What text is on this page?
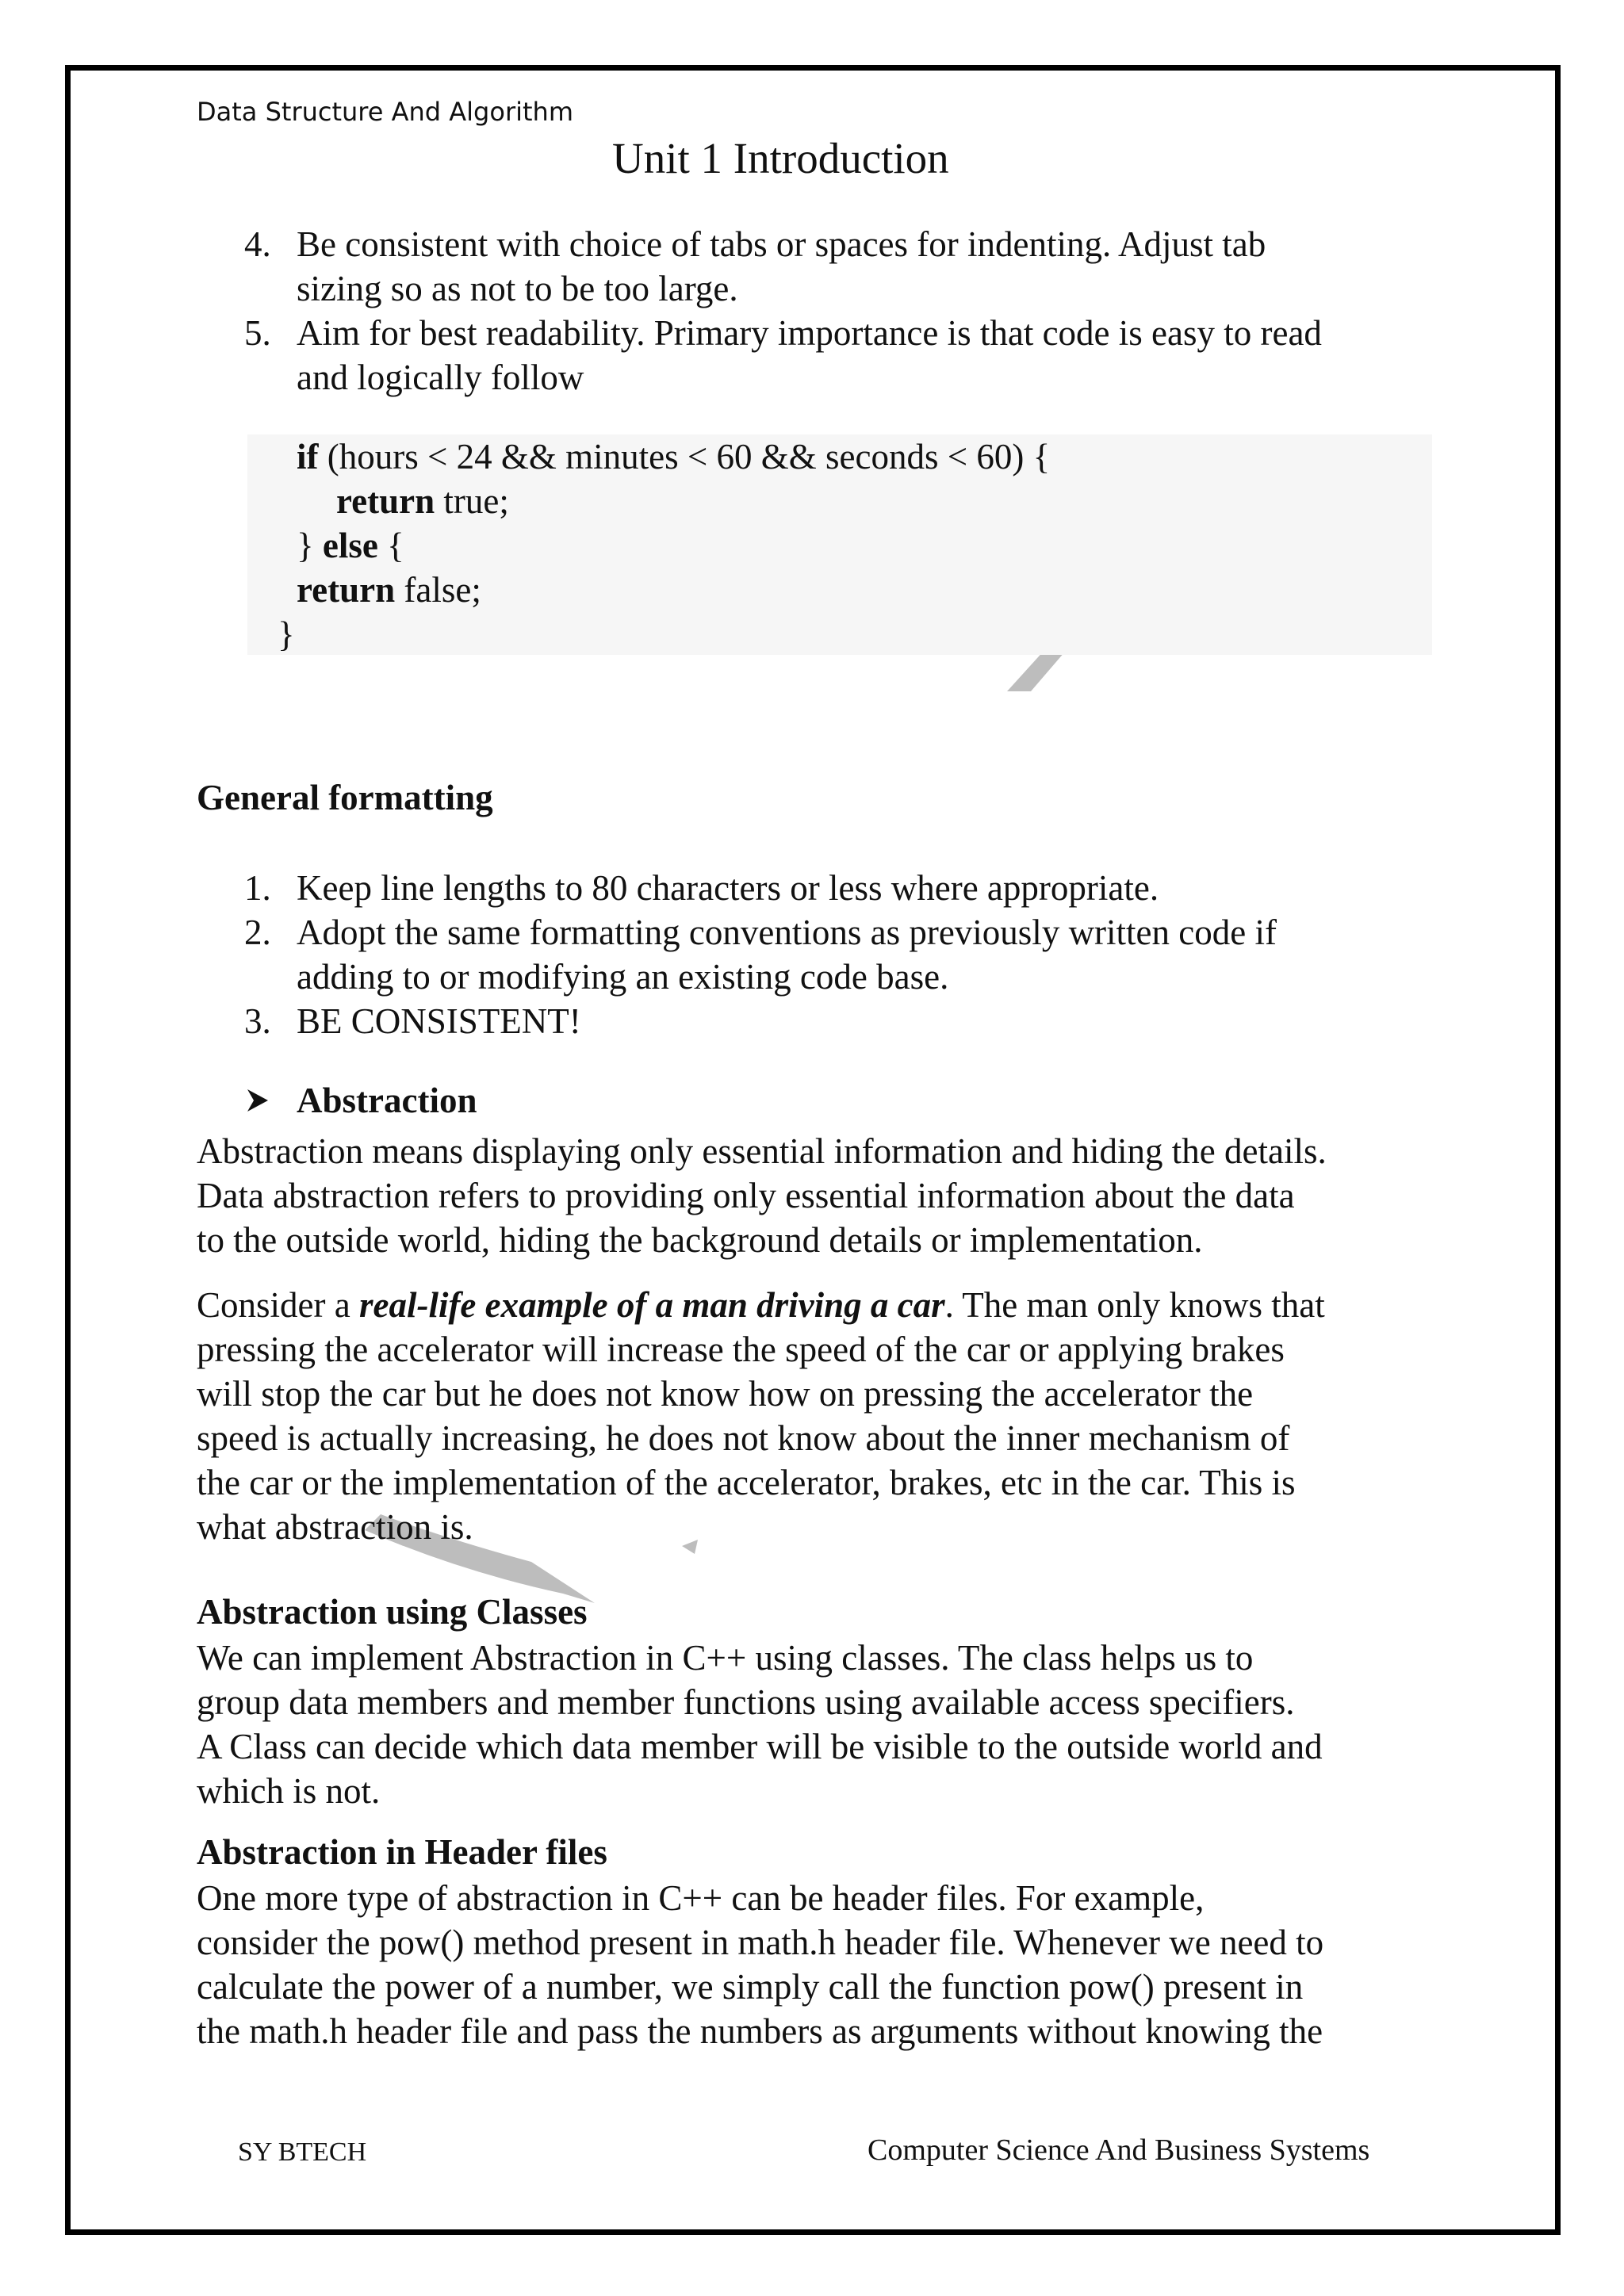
Data Structure And Algorithm
Unit 1 Introduction
4. Be consistent with choice of tabs or spaces for indenting. Adjust tab
sizing so as not to be too large.
5. Aim for best readability. Primary importance is that code is easy to read
and logically follow
if (hours < 24 && minutes < 60 && seconds < 60) {
return true;
} else {
return false;
}
General formatting
1. Keep line lengths to 80 characters or less where appropriate.
2. Adopt the same formatting conventions as previously written code if
adding to or modifying an existing code base.
3. BE CONSISTENT!
Abstraction
Abstraction means displaying only essential information and hiding the details.
Data abstraction refers to providing only essential information about the data
to the outside world, hiding the background details or implementation.
Consider a real-life example of a man driving a car. The man only knows that
pressing the accelerator will increase the speed of the car or applying brakes
will stop the car but he does not know how on pressing the accelerator the
speed is actually increasing, he does not know about the inner mechanism of
the car or the implementation of the accelerator, brakes, etc in the car. This is
what abstraction is.
Abstraction using Classes
We can implement Abstraction in C++ using classes. The class helps us to
group data members and member functions using available access specifiers.
A Class can decide which data member will be visible to the outside world and
which is not.
Abstraction in Header files
One more type of abstraction in C++ can be header files. For example,
consider the pow() method present in math.h header file. Whenever we need to
calculate the power of a number, we simply call the function pow() present in
the math.h header file and pass the numbers as arguments without knowing the
SY BTECH	Computer Science And Business Systems
